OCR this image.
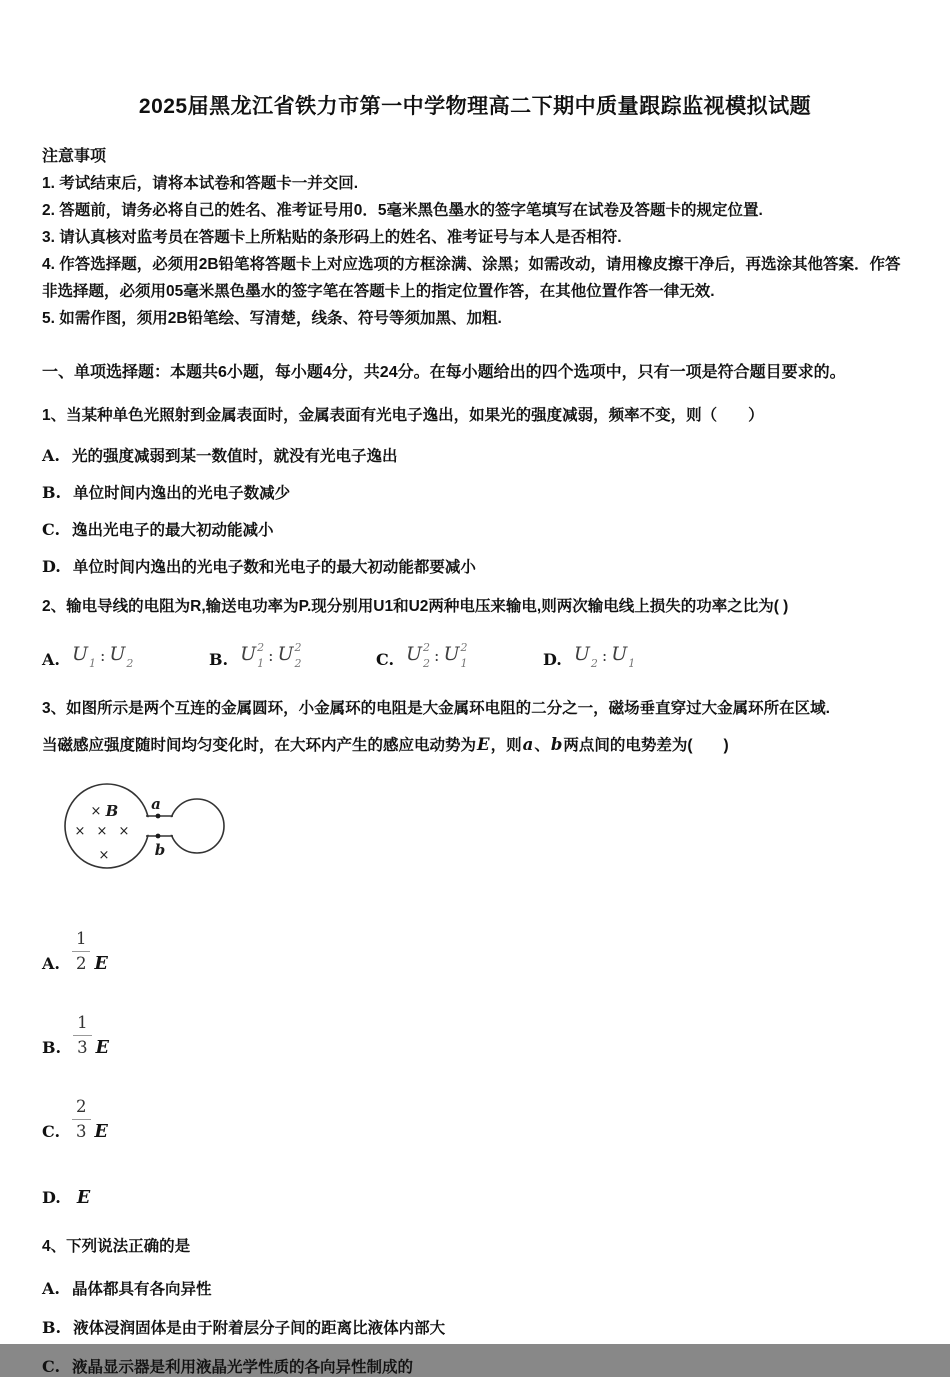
2025届黑龙江省铁力市第一中学物理高二下期中质量跟踪监视模拟试题
注意事项
1. 考试结束后，请将本试卷和答题卡一并交回.
2. 答题前，请务必将自己的姓名、准考证号用0．5毫米黑色墨水的签字笔填写在试卷及答题卡的规定位置.
3. 请认真核对监考员在答题卡上所粘贴的条形码上的姓名、准考证号与本人是否相符.
4. 作答选择题，必须用2B铅笔将答题卡上对应选项的方框涂满、涂黑；如需改动，请用橡皮擦干净后，再选涂其他答案．作答非选择题，必须用05毫米黑色墨水的签字笔在答题卡上的指定位置作答，在其他位置作答一律无效.
5. 如需作图，须用2B铅笔绘、写清楚，线条、符号等须加黑、加粗.
一、单项选择题：本题共6小题，每小题4分，共24分。在每小题给出的四个选项中，只有一项是符合题目要求的。
1、当某种单色光照射到金属表面时，金属表面有光电子逸出，如果光的强度减弱，频率不变，则（　　）
A. 光的强度减弱到某一数值时，就没有光电子逸出
B. 单位时间内逸出的光电子数减少
C. 逸出光电子的最大初动能减小
D. 单位时间内逸出的光电子数和光电子的最大初动能都要减小
2、输电导线的电阻为R,输送电功率为P.现分别用U1和U2两种电压来输电,则两次输电线上损失的功率之比为( )
A. U 1 : U 2	B. U 2
1 : U 2
2	C. U 2
2 : U 2
1	D. U 2 : U 1
3、如图所示是两个互连的金属圆环，小金属环的电阻是大金属环电阻的二分之一，磁场垂直穿过大金属环所在区域.
当磁感应强度随时间均匀变化时，在大环内产生的感应电动势为E，则a、b两点间的电势差为(　　)
a
b
× B
× × ×
×
A. $\frac{1}{2}$ E
B. $\frac{1}{3}$ E
C. $\frac{2}{3}$ E
D. E
4、下列说法正确的是
A. 晶体都具有各向异性
B. 液体浸润固体是由于附着层分子间的距离比液体内部大
C. 液晶显示器是利用液晶光学性质的各向异性制成的
